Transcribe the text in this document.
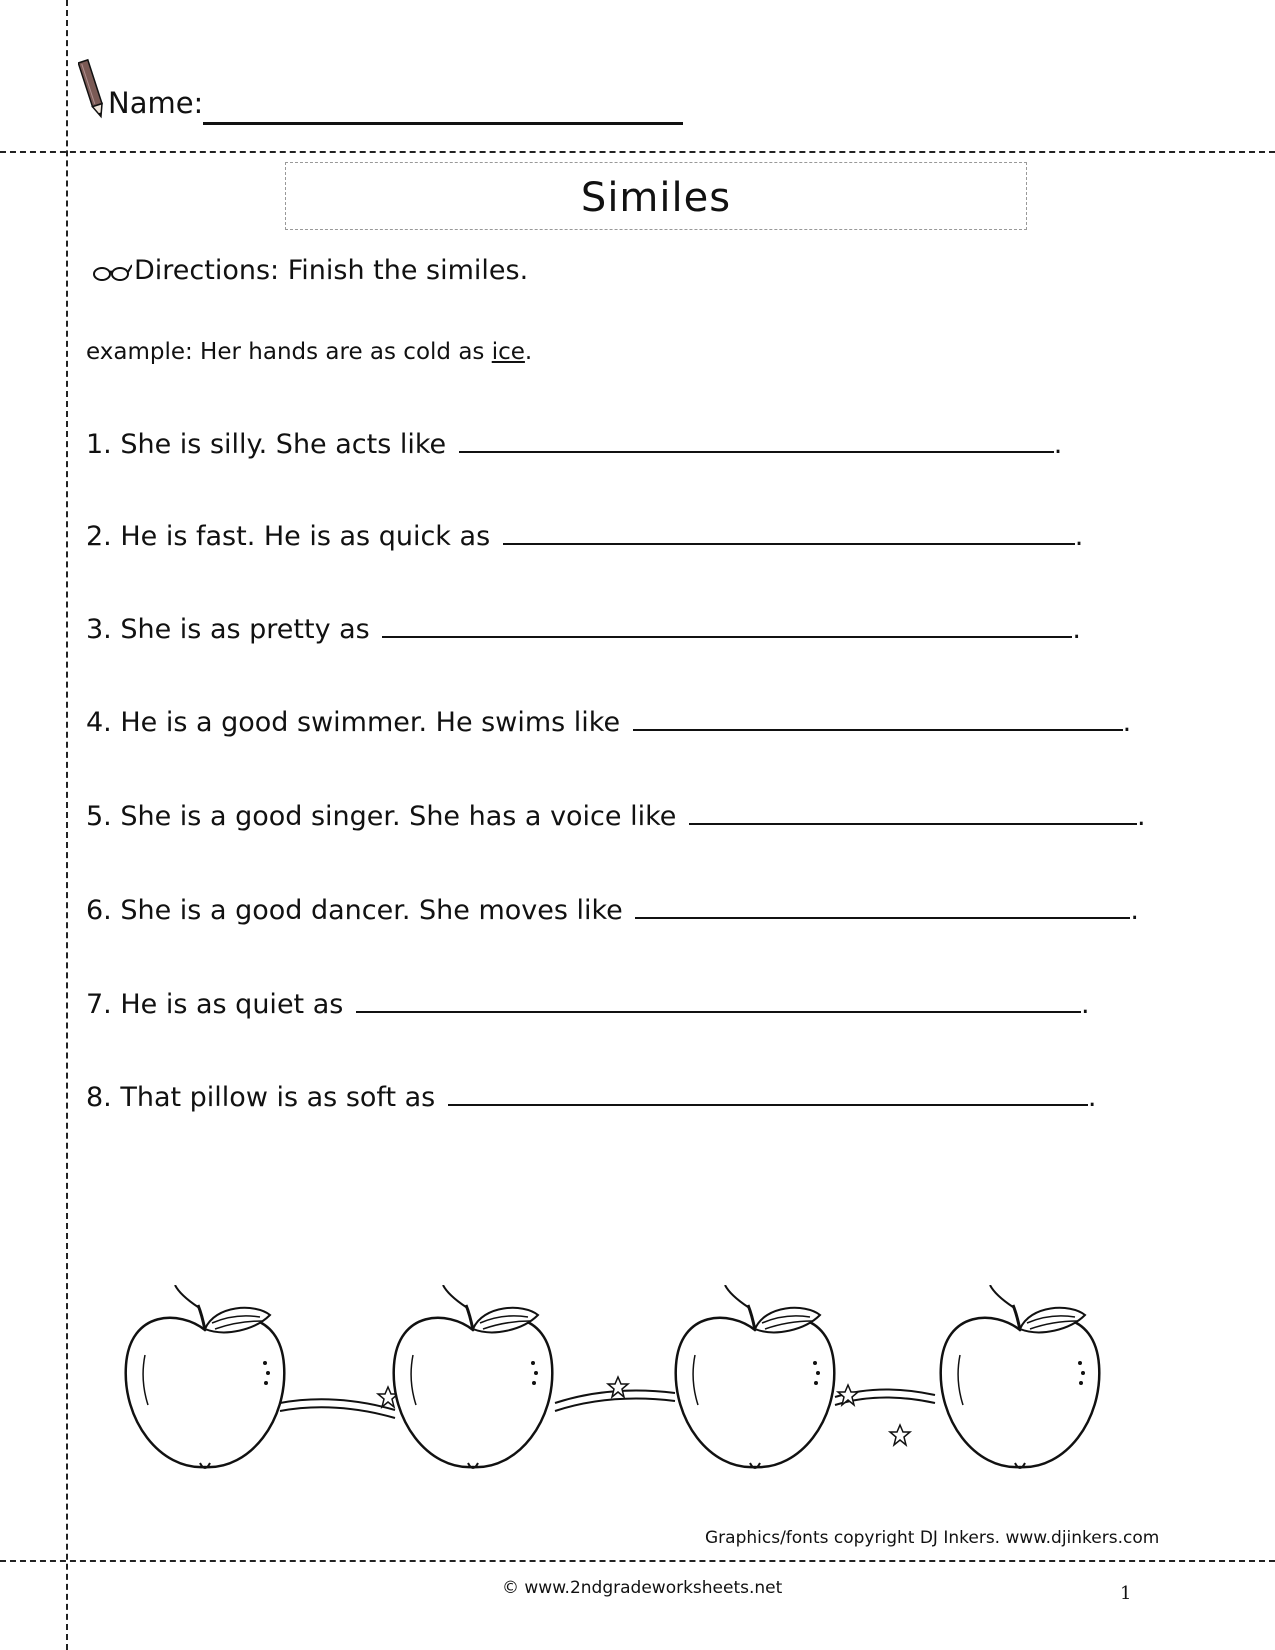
Name:
Similes
Directions: Finish the similes.
example: Her hands are as cold as ice.
1. She is silly. She acts like	.
2. He is fast. He is as quick as	.
3. She is as pretty as	.
4. He is a good swimmer. He swims like	.
5. She is a good singer. She has a voice like	.
6. She is a good dancer. She moves like	.
7. He is as quiet as	.
8. That pillow is as soft as	.
Graphics/fonts copyright DJ Inkers. www.djinkers.com
© www.2ndgradeworksheets.net	1
